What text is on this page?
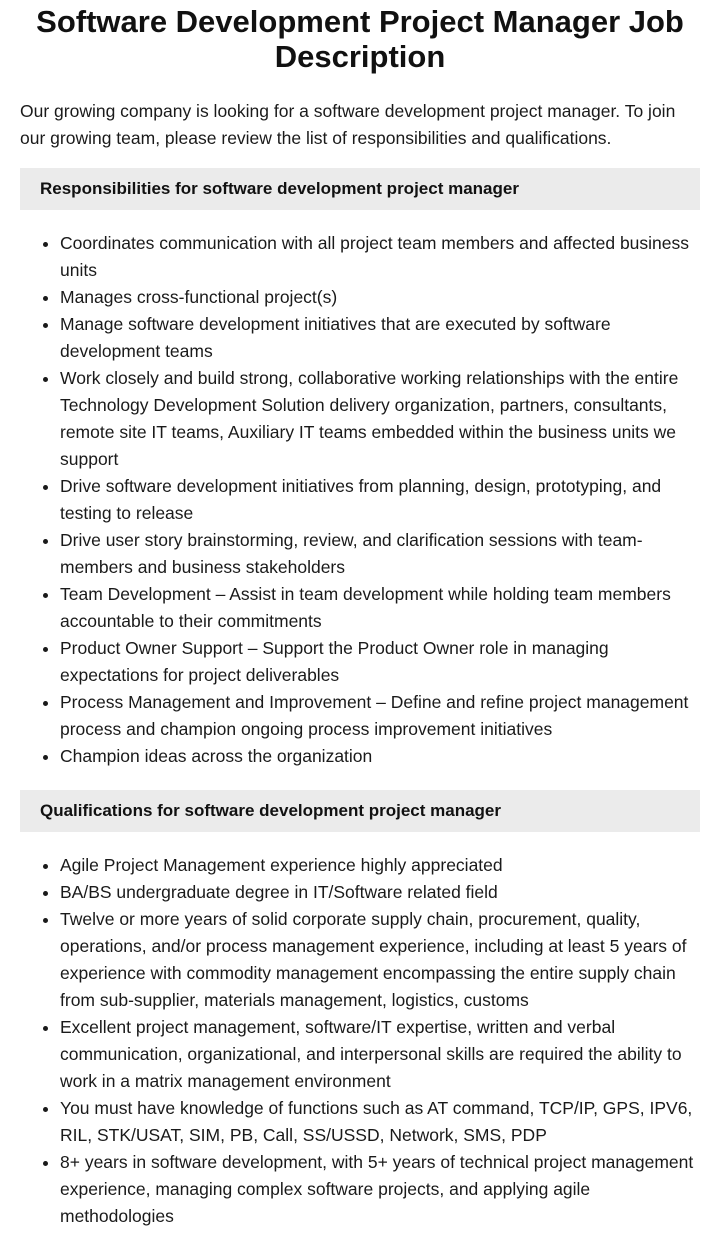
Software Development Project Manager Job Description

Our growing company is looking for a software development project manager. To join our growing team, please review the list of responsibilities and qualifications.

Responsibilities for software development project manager
• Coordinates communication with all project team members and affected business units
• Manages cross-functional project(s)
• Manage software development initiatives that are executed by software development teams
• Work closely and build strong, collaborative working relationships with the entire Technology Development Solution delivery organization, partners, consultants, remote site IT teams, Auxiliary IT teams embedded within the business units we support
• Drive software development initiatives from planning, design, prototyping, and testing to release
• Drive user story brainstorming, review, and clarification sessions with team-members and business stakeholders
• Team Development – Assist in team development while holding team members accountable to their commitments
• Product Owner Support – Support the Product Owner role in managing expectations for project deliverables
• Process Management and Improvement – Define and refine project management process and champion ongoing process improvement initiatives
• Champion ideas across the organization
Qualifications for software development project manager
• Agile Project Management experience highly appreciated
• BA/BS undergraduate degree in IT/Software related field
• Twelve or more years of solid corporate supply chain, procurement, quality, operations, and/or process management experience, including at least 5 years of experience with commodity management encompassing the entire supply chain from sub-supplier, materials management, logistics, customs
• Excellent project management, software/IT expertise, written and verbal communication, organizational, and interpersonal skills are required the ability to work in a matrix management environment
• You must have knowledge of functions such as AT command, TCP/IP, GPS, IPV6, RIL, STK/USAT, SIM, PB, Call, SS/USSD, Network, SMS, PDP
• 8+ years in software development, with 5+ years of technical project management experience, managing complex software projects, and applying agile methodologies
